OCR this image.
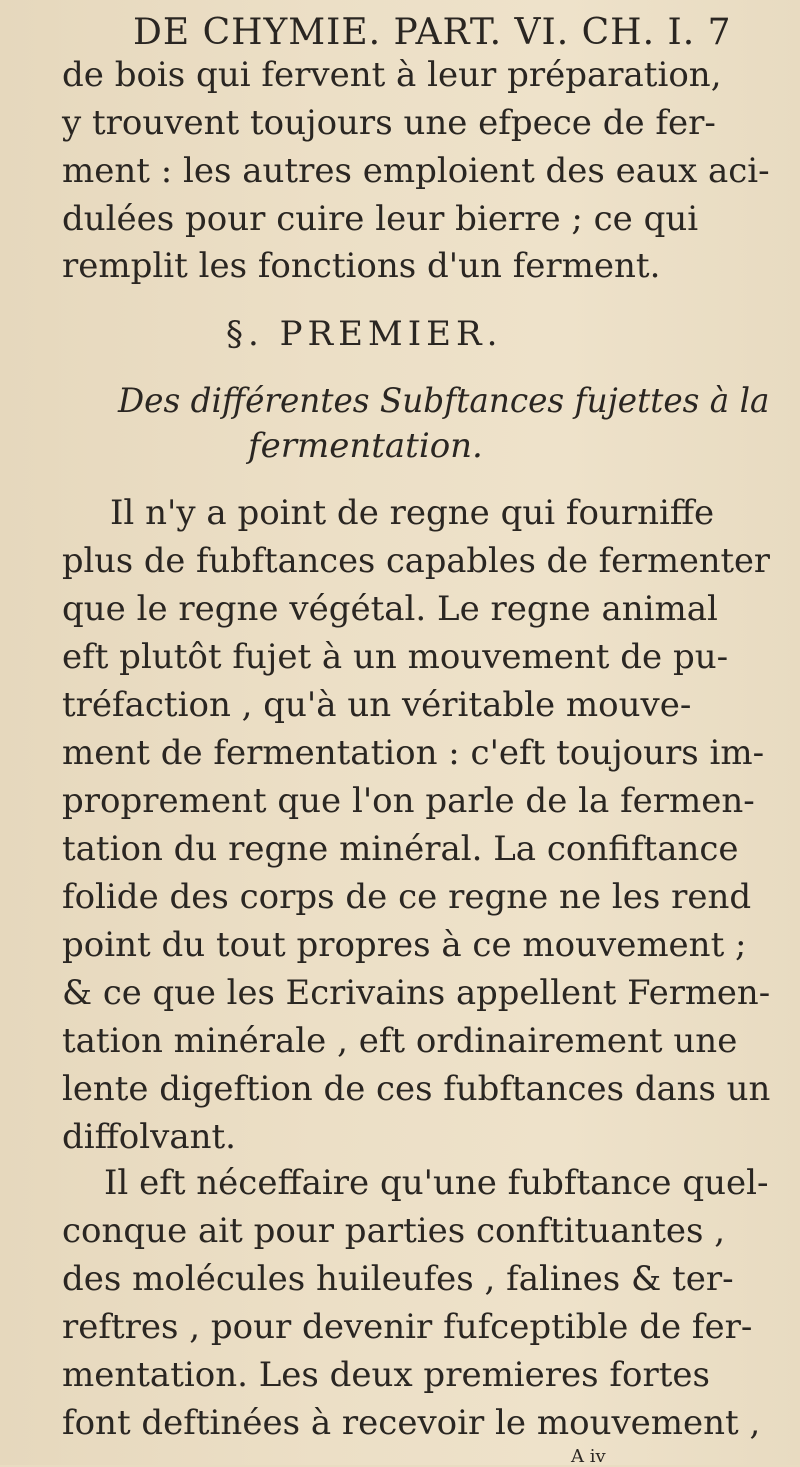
DE CHYMIE. PART. VI. CH. I. 7
de bois qui fervent à leur préparation,
y trouvent toujours une efpece de fer-
ment : les autres emploient des eaux aci-
dulées pour cuire leur bierre ; ce qui
remplit les fonctions d'un ferment.
§. PREMIER.
Des différentes Subftances fujettes à la
fermentation.
Il n'y a point de regne qui fourniffe
plus de fubftances capables de fermenter
que le regne végétal. Le regne animal
eft plutôt fujet à un mouvement de pu-
tréfaction , qu'à un véritable mouve-
ment de fermentation : c'eft toujours im-
proprement que l'on parle de la fermen-
tation du regne minéral. La confiftance
folide des corps de ce regne ne les rend
point du tout propres à ce mouvement ;
& ce que les Ecrivains appellent Fermen-
tation minérale , eft ordinairement une
lente digeftion de ces fubftances dans un
diffolvant.
Il eft néceffaire qu'une fubftance quel-
conque ait pour parties conftituantes ,
des molécules huileufes , falines & ter-
reftres , pour devenir fufceptible de fer-
mentation. Les deux premieres fortes
A iv
font deftinées à recevoir le mouvement ,
